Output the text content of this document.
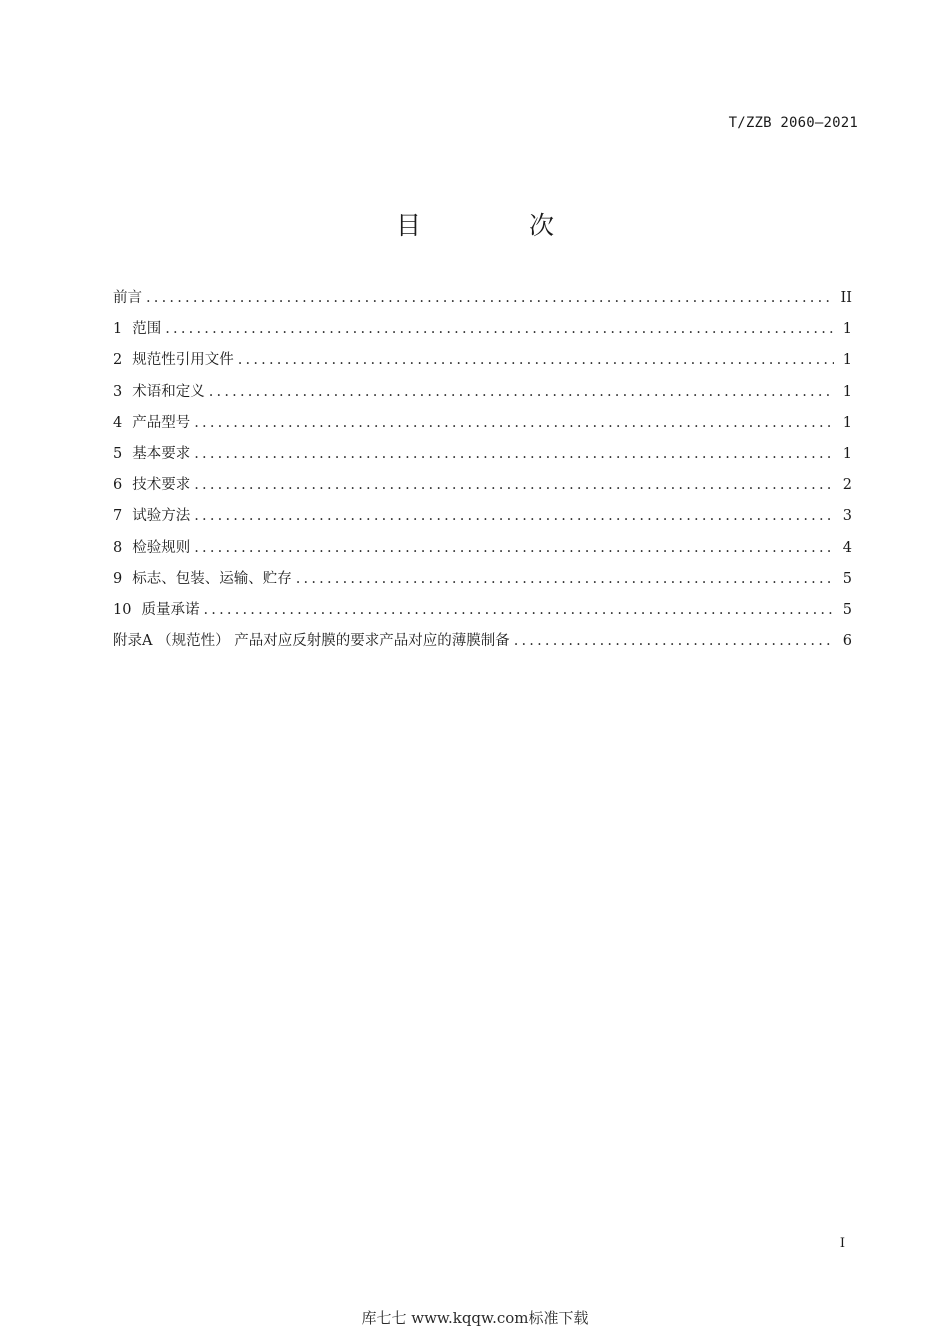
T/ZZB 2060—2021
目 次
前言 .....	II
1 范围 .....	1
2 规范性引用文件 .....	1
3 术语和定义 .....	1
4 产品型号 .....	1
5 基本要求 .....	1
6 技术要求 .....	2
7 试验方法 .....	3
8 检验规则 .....	4
9 标志、包装、运输、贮存 .....	5
10 质量承诺 .....	5
附录A （规范性） 产品对应反射膜的要求产品对应的薄膜制备 .....	6
I
库七七 www.kqqw.com标准下载
